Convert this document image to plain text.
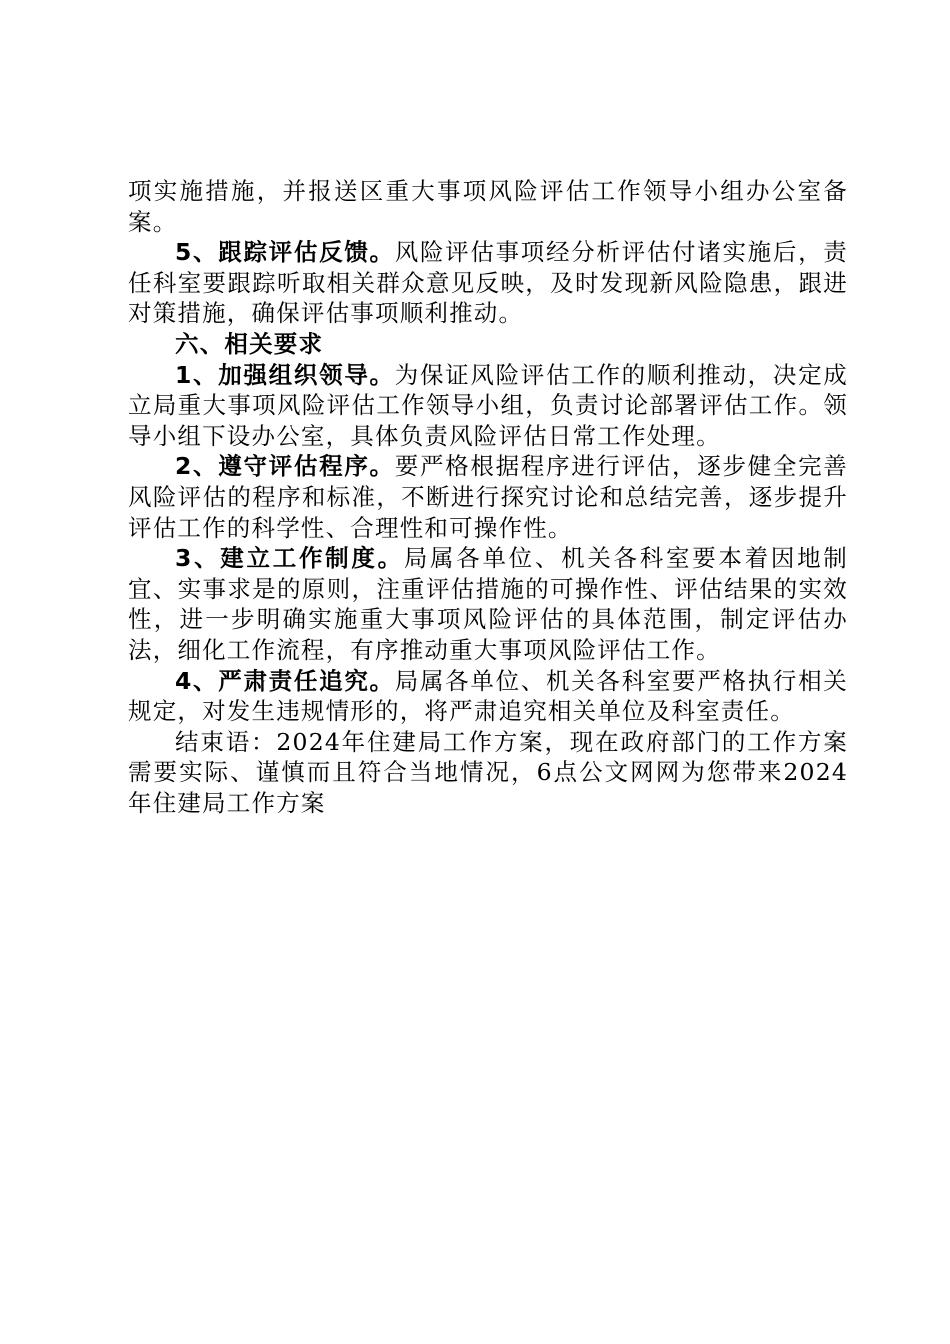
项实施措施，并报送区重大事项风险评估工作领导小组办公室备案。

5、跟踪评估反馈。风险评估事项经分析评估付诸实施后，责任科室要跟踪听取相关群众意见反映，及时发现新风险隐患，跟进对策措施，确保评估事项顺利推动。

六、相关要求

1、加强组织领导。为保证风险评估工作的顺利推动，决定成立局重大事项风险评估工作领导小组，负责讨论部署评估工作。领导小组下设办公室，具体负责风险评估日常工作处理。

2、遵守评估程序。要严格根据程序进行评估，逐步健全完善风险评估的程序和标准，不断进行探究讨论和总结完善，逐步提升评估工作的科学性、合理性和可操作性。

3、建立工作制度。局属各单位、机关各科室要本着因地制宜、实事求是的原则，注重评估措施的可操作性、评估结果的实效性，进一步明确实施重大事项风险评估的具体范围，制定评估办法，细化工作流程，有序推动重大事项风险评估工作。

4、严肃责任追究。局属各单位、机关各科室要严格执行相关规定，对发生违规情形的，将严肃追究相关单位及科室责任。

结束语：2024年住建局工作方案，现在政府部门的工作方案需要实际、谨慎而且符合当地情况，6点公文网网为您带来2024年住建局工作方案
